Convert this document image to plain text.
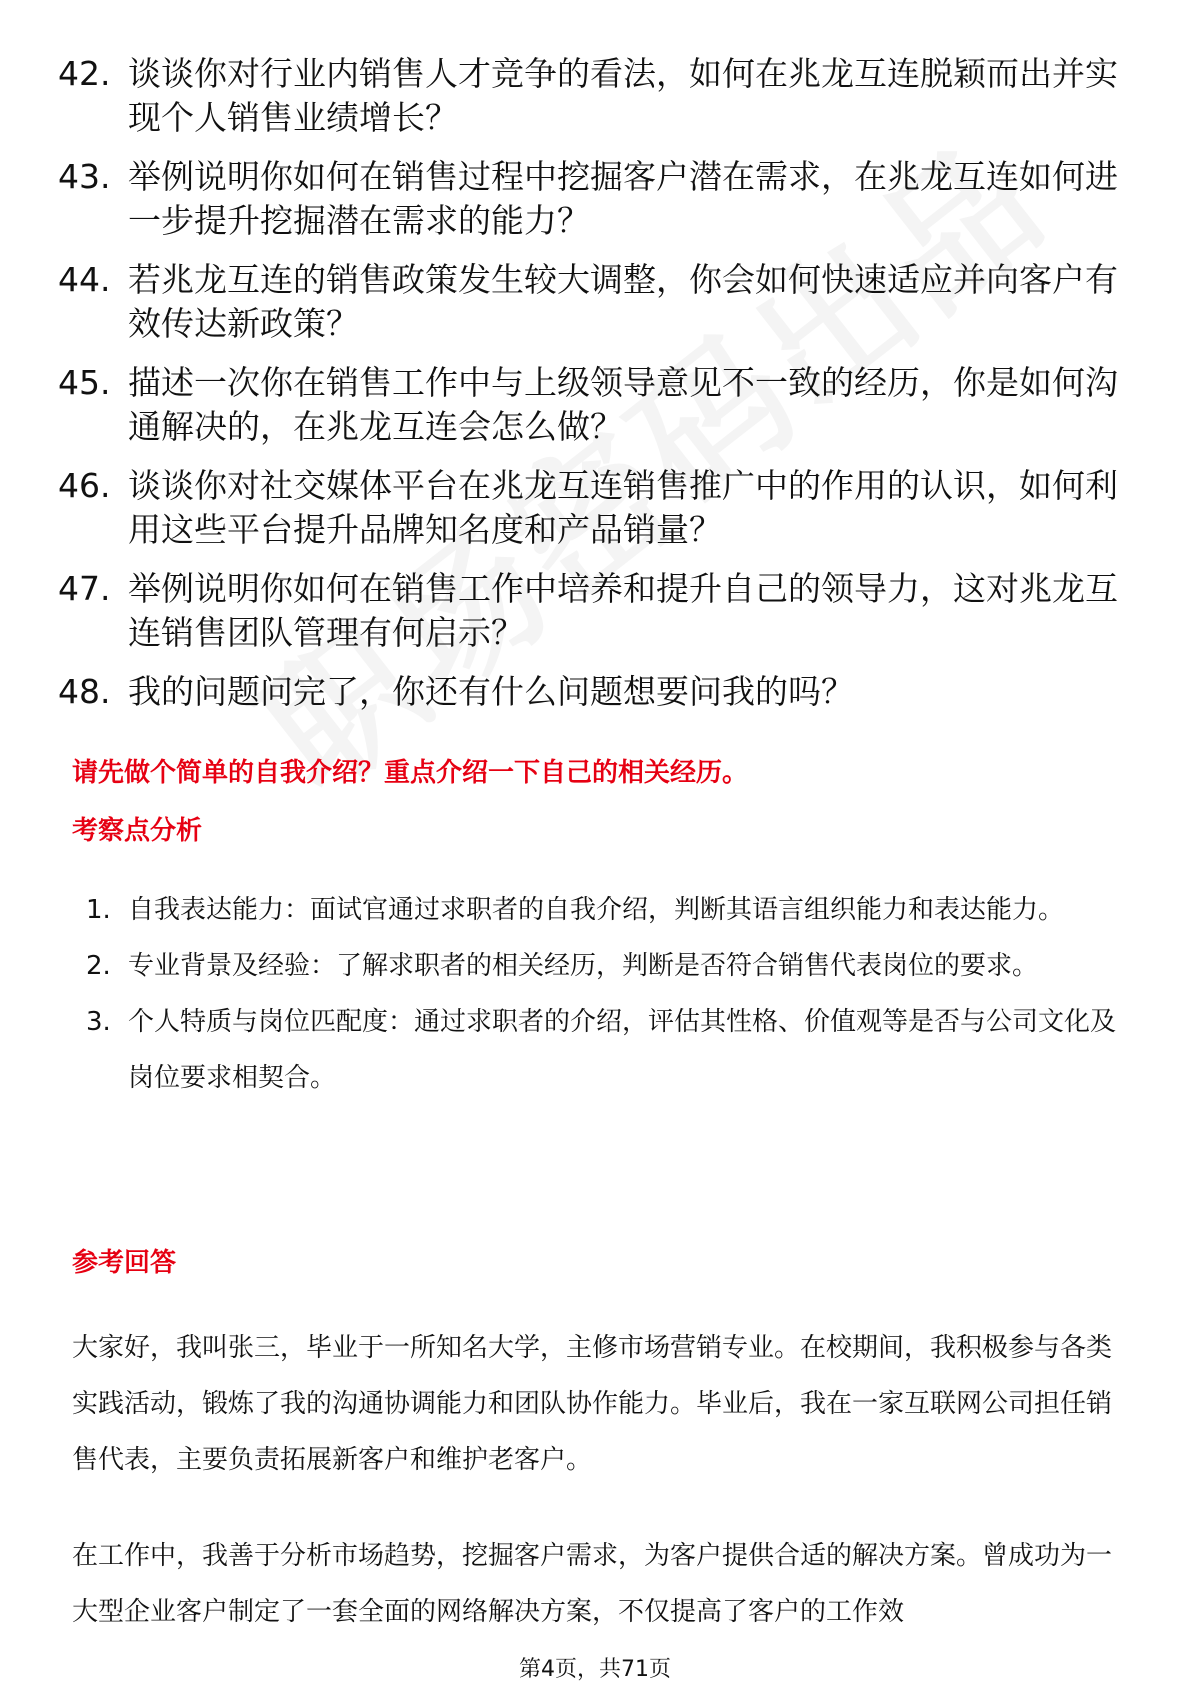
42. 谈谈你对行业内销售人才竞争的看法，如何在兆龙互连脱颖而出并实现个人销售业绩增长？
43. 举例说明你如何在销售过程中挖掘客户潜在需求，在兆龙互连如何进一步提升挖掘潜在需求的能力？
44. 若兆龙互连的销售政策发生较大调整，你会如何快速适应并向客户有效传达新政策？
45. 描述一次你在销售工作中与上级领导意见不一致的经历，你是如何沟通解决的，在兆龙互连会怎么做？
46. 谈谈你对社交媒体平台在兆龙互连销售推广中的作用的认识，如何利用这些平台提升品牌知名度和产品销量？
47. 举例说明你如何在销售工作中培养和提升自己的领导力，这对兆龙互连销售团队管理有何启示？
48. 我的问题问完了，你还有什么问题想要问我的吗？
请先做个简单的自我介绍？重点介绍一下自己的相关经历。
考察点分析
1. 自我表达能力：面试官通过求职者的自我介绍，判断其语言组织能力和表达能力。
2. 专业背景及经验：了解求职者的相关经历，判断是否符合销售代表岗位的要求。
3. 个人特质与岗位匹配度：通过求职者的介绍，评估其性格、价值观等是否与公司文化及岗位要求相契合。
参考回答

大家好，我叫张三，毕业于一所知名大学，主修市场营销专业。在校期间，我积极参与各类实践活动，锻炼了我的沟通协调能力和团队协作能力。毕业后，我在一家互联网公司担任销售代表，主要负责拓展新客户和维护老客户。

在工作中，我善于分析市场趋势，挖掘客户需求，为客户提供合适的解决方案。曾成功为一大型企业客户制定了一套全面的网络解决方案，不仅提高了客户的工作效

第4页，共71页
